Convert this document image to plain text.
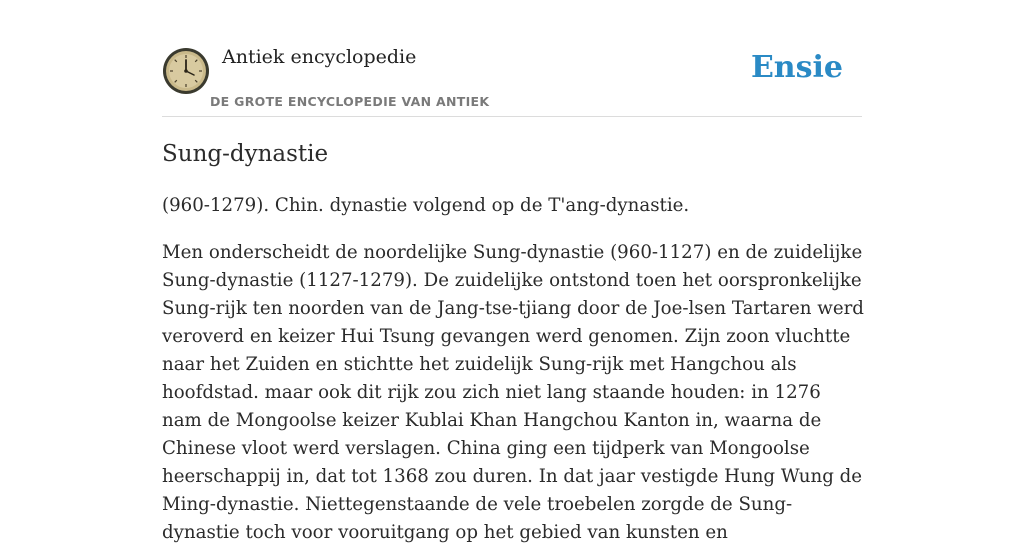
Antiek encyclopedie
DE GROTE ENCYCLOPEDIE VAN ANTIEK
Ensie
Sung-dynastie

(960-1279). Chin. dynastie volgend op de T'ang-dynastie.

Men onderscheidt de noordelijke Sung-dynastie (960-1127) en de zuidelijke Sung-dynastie (1127-1279). De zuidelijke ontstond toen het oorspronkelijke Sung-rijk ten noorden van de Jang-tse-tjiang door de Joe-lsen Tartaren werd veroverd en keizer Hui Tsung gevangen werd genomen. Zijn zoon vluchtte naar het Zuiden en stichtte het zuidelijk Sung-rijk met Hangchou als hoofdstad. maar ook dit rijk zou zich niet lang staande houden: in 1276 nam de Mongoolse keizer Kublai Khan Hangchou Kanton in, waarna de Chinese vloot werd verslagen. China ging een tijdperk van Mongoolse heerschappij in, dat tot 1368 zou duren. In dat jaar vestigde Hung Wung de Ming-dynastie. Niettegenstaande de vele troebelen zorgde de Sung-dynastie toch voor vooruitgang op het gebied van kunsten en
